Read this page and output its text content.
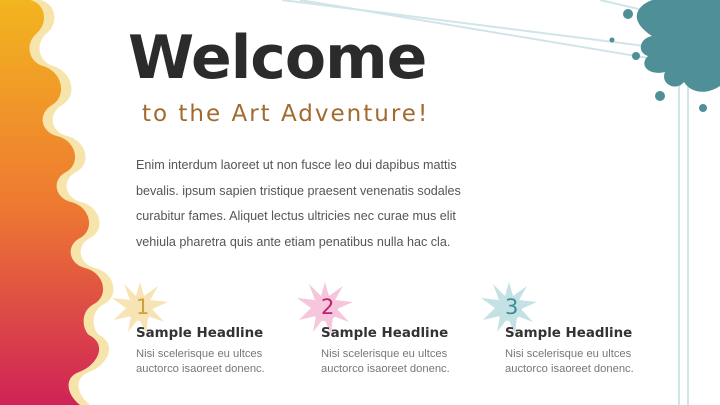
Welcome
to the Art Adventure!

Enim interdum laoreet ut non fusce leo dui dapibus mattis
bevalis. ipsum sapien tristique praesent venenatis sodales
curabitur fames. Aliquet lectus ultricies nec curae mus elit
vehiula pharetra quis ante etiam penatibus nulla hac cla.

1
Sample Headline
Nisi scelerisque eu ultces
auctorco isaoreet donenc.
2
Sample Headline
Nisi scelerisque eu ultces
auctorco isaoreet donenc.
3
Sample Headline
Nisi scelerisque eu ultces
auctorco isaoreet donenc.
